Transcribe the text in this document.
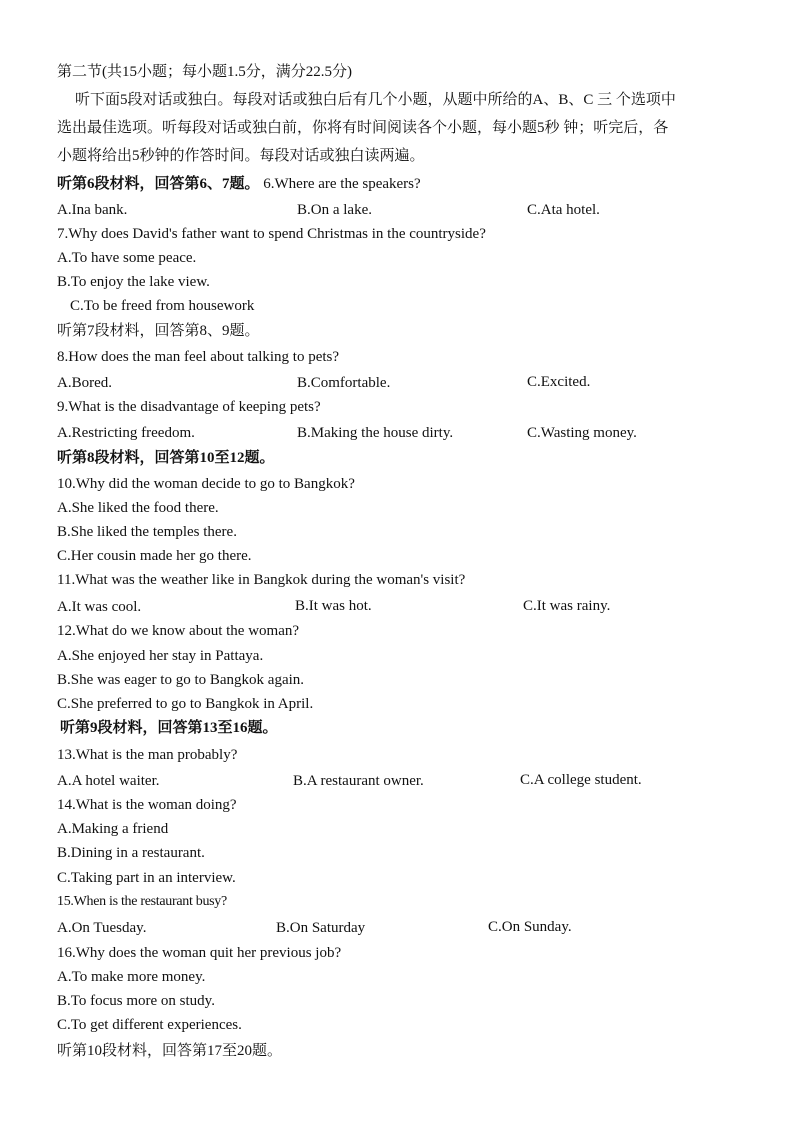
第二节(共15小题；每小题1.5分，满分22.5分)
听下面5段对话或独白。每段对话或独白后有几个小题，从题中所给的A、B、C 三 个选项中
选出最佳选项。听每段对话或独白前，你将有时间阅读各个小题，每小题5秒 钟；听完后，各
小题将给出5秒钟的作答时间。每段对话或独白读两遍。
听第6段材料，回答第6、7题。 6.Where are the speakers?
A.Ina bank.	B.On a lake.	C.Ata hotel.
7.Why does David's father want to spend Christmas in the countryside?
A.To have some peace.
B.To enjoy the lake view.
C.To be freed from housework
听第7段材料，回答第8、9题。
8.How does the man feel about talking to pets?
A.Bored.	B.Comfortable.	C.Excited.
9.What is the disadvantage of keeping pets?
A.Restricting freedom.	B.Making the house dirty.	C.Wasting money.
听第8段材料，回答第10至12题。
10.Why did the woman decide to go to Bangkok?
A.She liked the food there.
B.She liked the temples there.
C.Her cousin made her go there.
11.What was the weather like in Bangkok during the woman's visit?
A.It was cool.	B.It was hot.	C.It was rainy.
12.What do we know about the woman?
A.She enjoyed her stay in Pattaya.
B.She was eager to go to Bangkok again.
C.She preferred to go to Bangkok in April.
听第9段材料，回答第13至16题。
13.What is the man probably?
A.A hotel waiter.	B.A restaurant owner.	C.A college student.
14.What is the woman doing?
A.Making a friend
B.Dining in a restaurant.
C.Taking part in an interview.
15.When is the restaurant busy?
A.On Tuesday.	B.On Saturday	C.On Sunday.
16.Why does the woman quit her previous job?
A.To make more money.
B.To focus more on study.
C.To get different experiences.
听第10段材料，回答第17至20题。
